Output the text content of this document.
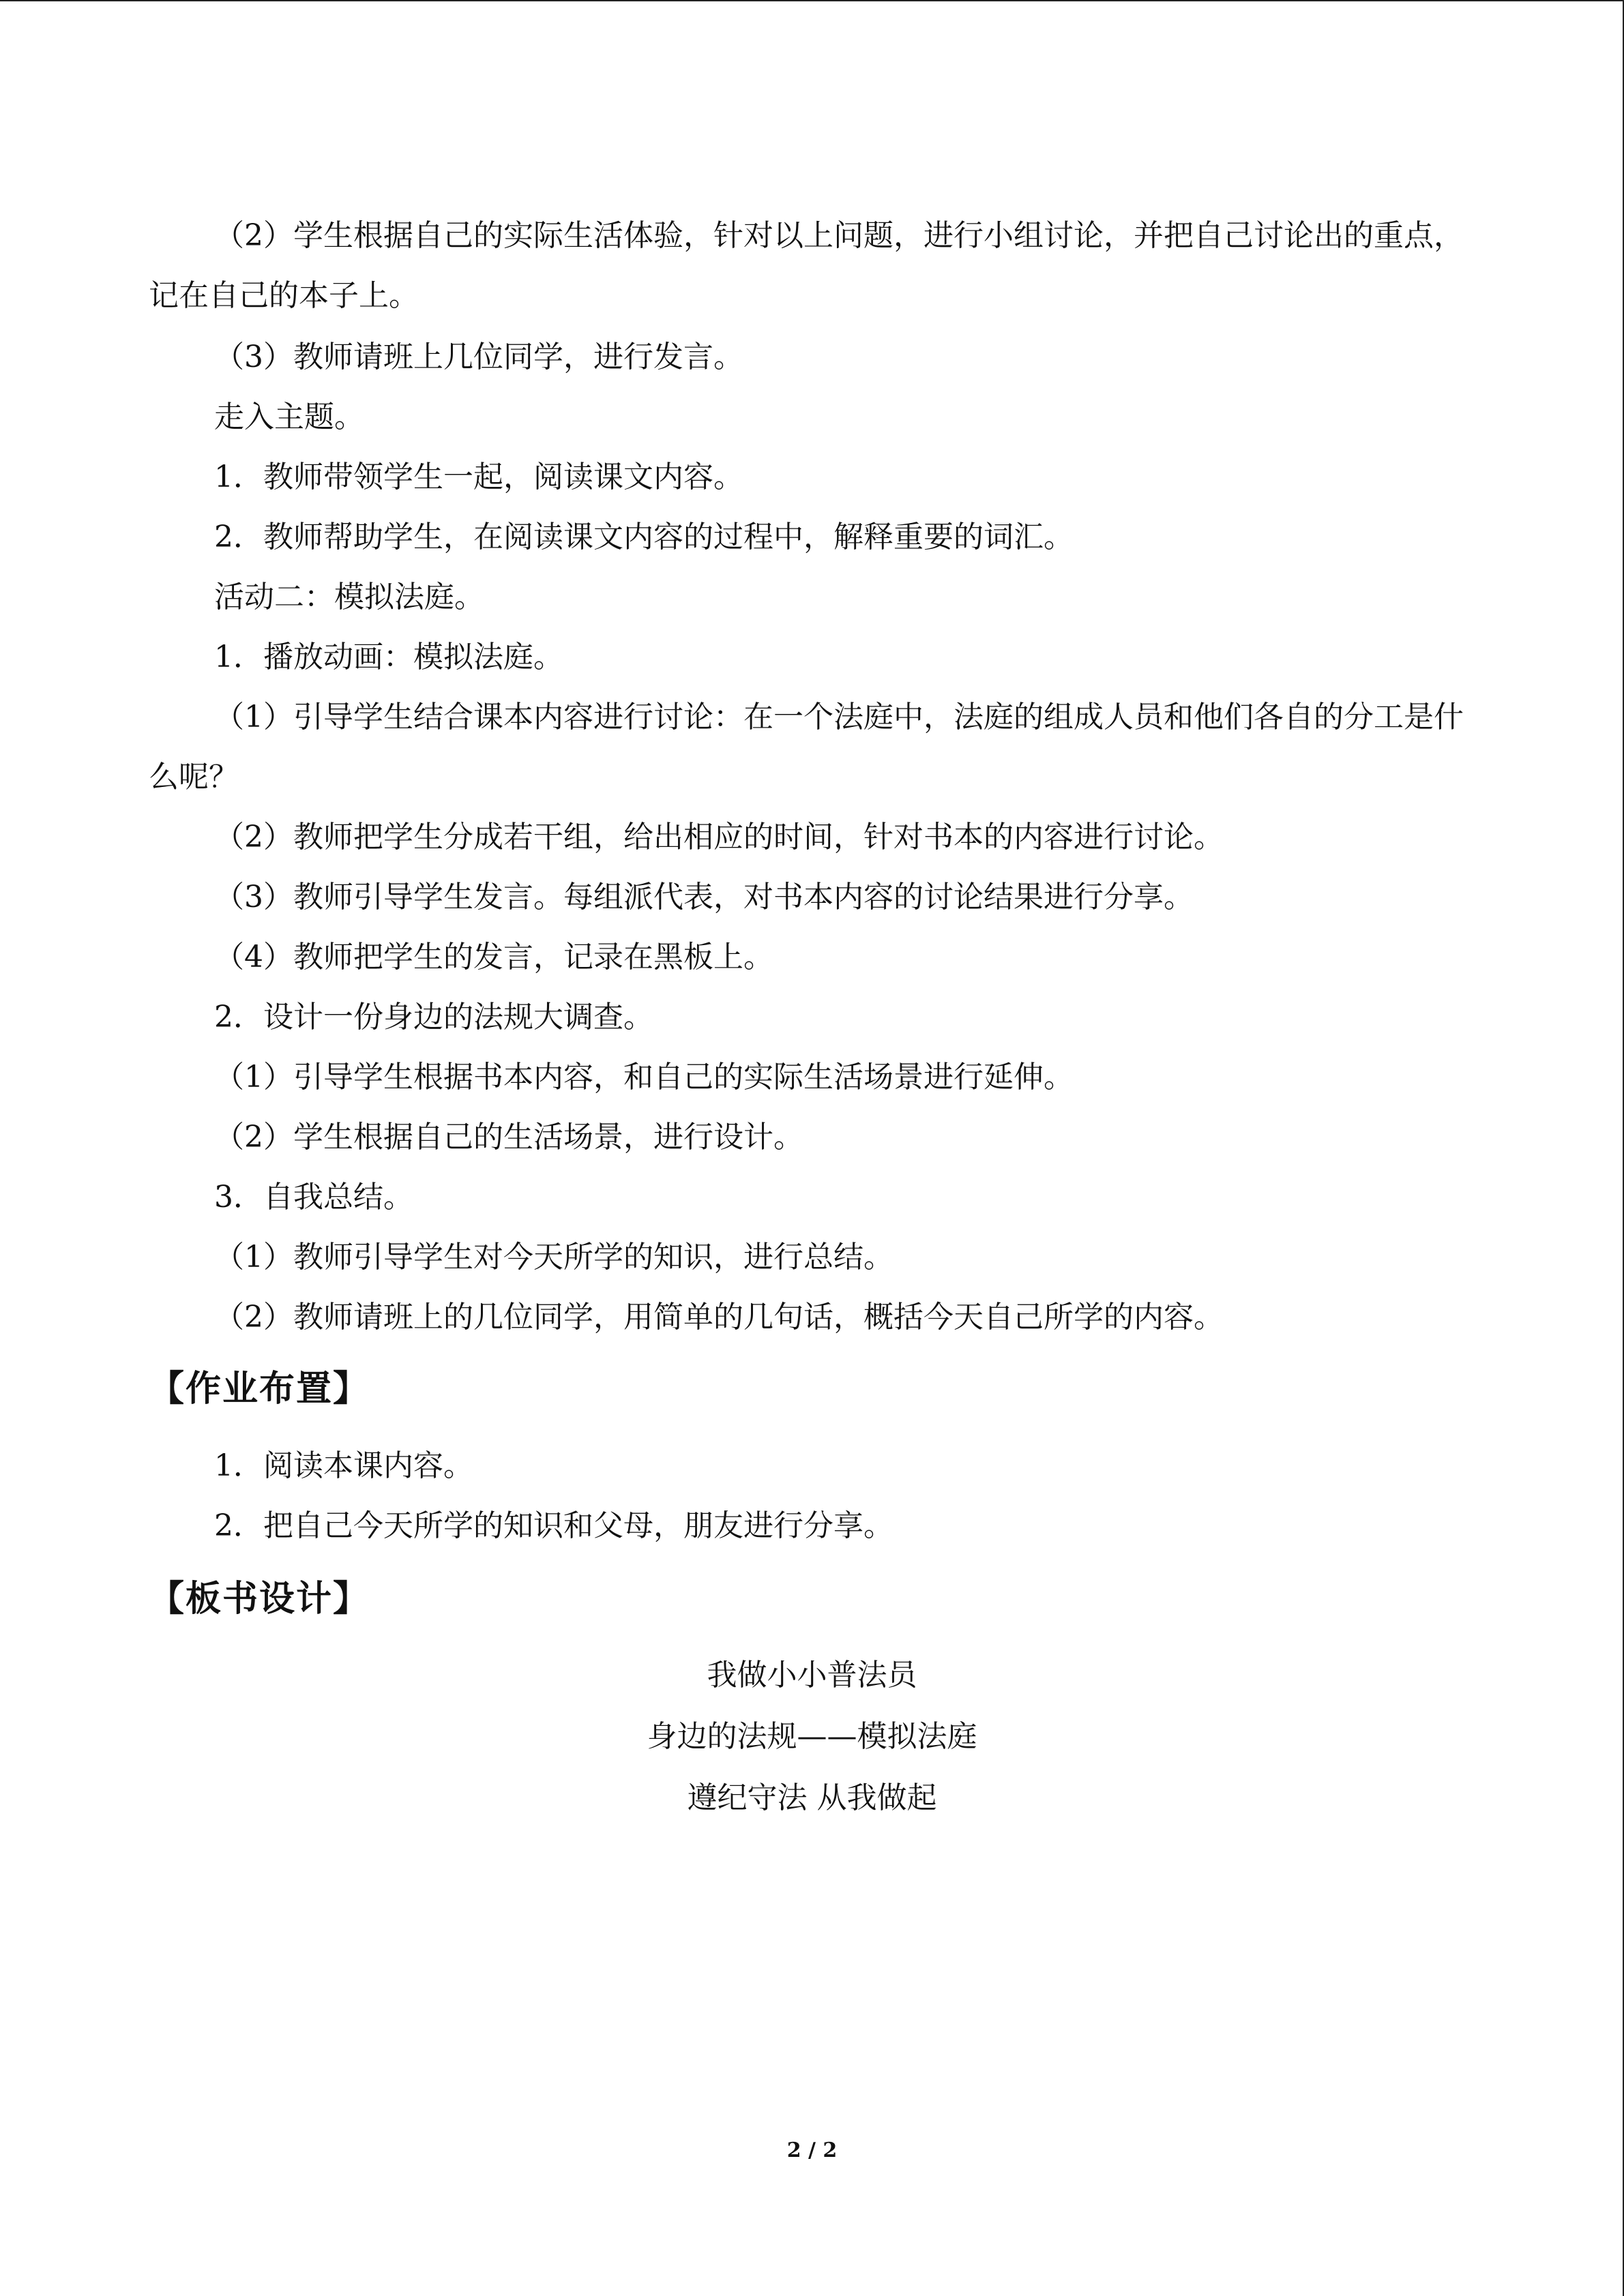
（2）学生根据自己的实际生活体验，针对以上问题，进行小组讨论，并把自己讨论出的重点，记在自己的本子上。
（3）教师请班上几位同学，进行发言。
走入主题。
1．教师带领学生一起，阅读课文内容。
2．教师帮助学生，在阅读课文内容的过程中，解释重要的词汇。
活动二：模拟法庭。
1．播放动画：模拟法庭。
（1）引导学生结合课本内容进行讨论：在一个法庭中，法庭的组成人员和他们各自的分工是什么呢？
（2）教师把学生分成若干组，给出相应的时间，针对书本的内容进行讨论。
（3）教师引导学生发言。每组派代表，对书本内容的讨论结果进行分享。
（4）教师把学生的发言，记录在黑板上。
2．设计一份身边的法规大调查。
（1）引导学生根据书本内容，和自己的实际生活场景进行延伸。
（2）学生根据自己的生活场景，进行设计。
3．自我总结。
（1）教师引导学生对今天所学的知识，进行总结。
（2）教师请班上的几位同学，用简单的几句话，概括今天自己所学的内容。
【作业布置】
1．阅读本课内容。
2．把自己今天所学的知识和父母，朋友进行分享。
【板书设计】
我做小小普法员
身边的法规——模拟法庭
遵纪守法 从我做起
2 / 2
